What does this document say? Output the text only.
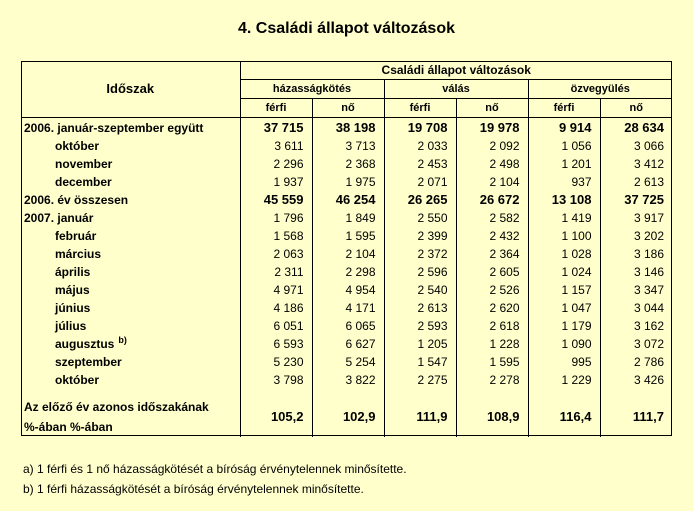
4. Családi állapot változások
Időszak	Családi állapot változások					
	házasságkötés		válás		özvegyülés	
	férfi	nő	férfi	nő	férfi	nő
2006. január-szeptember együtt	37 715	38 198	19 708	19 978	9 914	28 634
október	3 611	3 713	2 033	2 092	1 056	3 066
november	2 296	2 368	2 453	2 498	1 201	3 412
december	1 937	1 975	2 071	2 104	937	2 613
2006. év összesen	45 559	46 254	26 265	26 672	13 108	37 725
2007. január	1 796	1 849	2 550	2 582	1 419	3 917
február	1 568	1 595	2 399	2 432	1 100	3 202
március	2 063	2 104	2 372	2 364	1 028	3 186
április	2 311	2 298	2 596	2 605	1 024	3 146
május	4 971	4 954	2 540	2 526	1 157	3 347
június	4 186	4 171	2 613	2 620	1 047	3 044
július	6 051	6 065	2 593	2 618	1 179	3 162
augusztus $^{b)}$	6 593	6 627	1 205	1 228	1 090	3 072
szeptember	5 230	5 254	1 547	1 595	995	2 786
október	3 798	3 822	2 275	2 278	1 229	3 426

Az előző év azonos időszakának	105,2	102,9	111,9	108,9	116,4	111,7
%-ában %-ában						
a) 1 férfi és 1 nő házasságkötését a bíróság érvénytelennek minősítette.
b) 1 férfi házasságkötését a bíróság érvénytelennek minősítette.
